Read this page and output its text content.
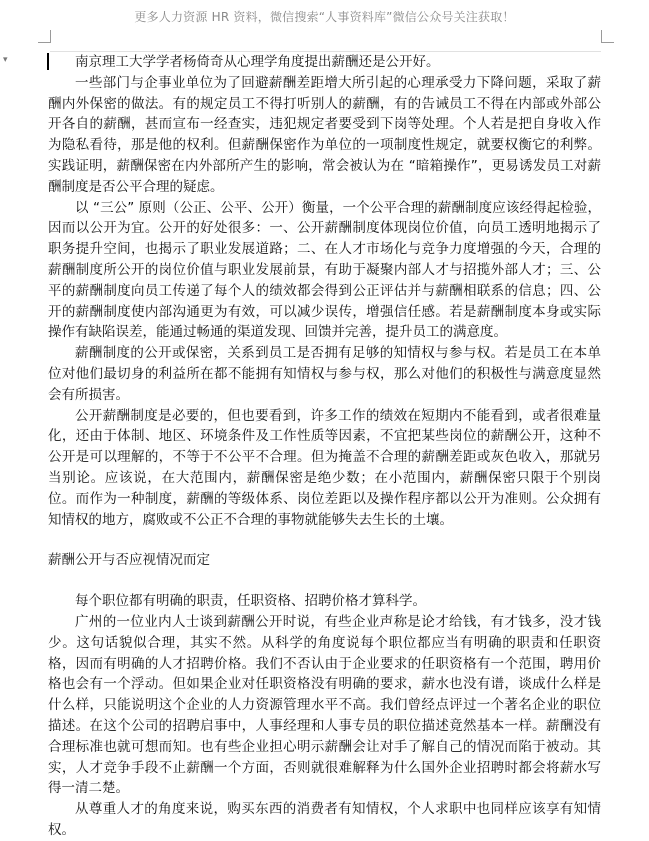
更多人力资源 HR 资料，微信搜索“人事资料库”微信公众号关注获取！
▾	南京理工大学学者杨倚奇从心理学角度提出薪酬还是公开好。

一些部门与企事业单位为了回避薪酬差距增大所引起的心理承受力下降问题，采取了薪酬内外保密的做法。有的规定员工不得打听别人的薪酬，有的告诫员工不得在内部或外部公开各自的薪酬，甚而宣布一经查实，违犯规定者要受到下岗等处理。个人若是把自身收入作为隐私看待，那是他的权利。但薪酬保密作为单位的一项制度性规定，就要权衡它的利弊。实践证明，薪酬保密在内外部所产生的影响，常会被认为在 “暗箱操作”，更易诱发员工对薪酬制度是否公平合理的疑虑。

以 “三公” 原则（公正、公平、公开）衡量，一个公平合理的薪酬制度应该经得起检验，因而以公开为宜。公开的好处很多：一、公开薪酬制度体现岗位价值，向员工透明地揭示了职务提升空间，也揭示了职业发展道路；二、在人才市场化与竞争力度增强的今天，合理的薪酬制度所公开的岗位价值与职业发展前景，有助于凝聚内部人才与招揽外部人才；三、公平的薪酬制度向员工传递了每个人的绩效都会得到公正评估并与薪酬相联系的信息；四、公开的薪酬制度使内部沟通更为有效，可以减少误传，增强信任感。若是薪酬制度本身或实际操作有缺陷误差，能通过畅通的渠道发现、回馈并完善，提升员工的满意度。

薪酬制度的公开或保密，关系到员工是否拥有足够的知情权与参与权。若是员工在本单位对他们最切身的利益所在都不能拥有知情权与参与权，那么对他们的积极性与满意度显然会有所损害。

公开薪酬制度是必要的，但也要看到，许多工作的绩效在短期内不能看到，或者很难量化，还由于体制、地区、环境条件及工作性质等因素，不宜把某些岗位的薪酬公开，这种不公开是可以理解的，不等于不公平不合理。但为掩盖不合理的薪酬差距或灰色收入，那就另当别论。应该说，在大范围内，薪酬保密是绝少数；在小范围内，薪酬保密只限于个别岗位。而作为一种制度，薪酬的等级体系、岗位差距以及操作程序都以公开为准则。公众拥有知情权的地方，腐败或不公正不合理的事物就能够失去生长的土壤。

薪酬公开与否应视情况而定

每个职位都有明确的职责，任职资格、招聘价格才算科学。

广州的一位业内人士谈到薪酬公开时说，有些企业声称是论才给钱，有才钱多，没才钱少。这句话貌似合理，其实不然。从科学的角度说每个职位都应当有明确的职责和任职资格，因而有明确的人才招聘价格。我们不否认由于企业要求的任职资格有一个范围，聘用价格也会有一个浮动。但如果企业对任职资格没有明确的要求，薪水也没有谱，谈成什么样是什么样，只能说明这个企业的人力资源管理水平不高。我们曾经点评过一个著名企业的职位描述。在这个公司的招聘启事中，人事经理和人事专员的职位描述竟然基本一样。薪酬没有合理标准也就可想而知。也有些企业担心明示薪酬会让对手了解自己的情况而陷于被动。其实，人才竞争手段不止薪酬一个方面，否则就很难解释为什么国外企业招聘时都会将薪水写得一清二楚。

从尊重人才的角度来说，购买东西的消费者有知情权，个人求职中也同样应该享有知情权。
